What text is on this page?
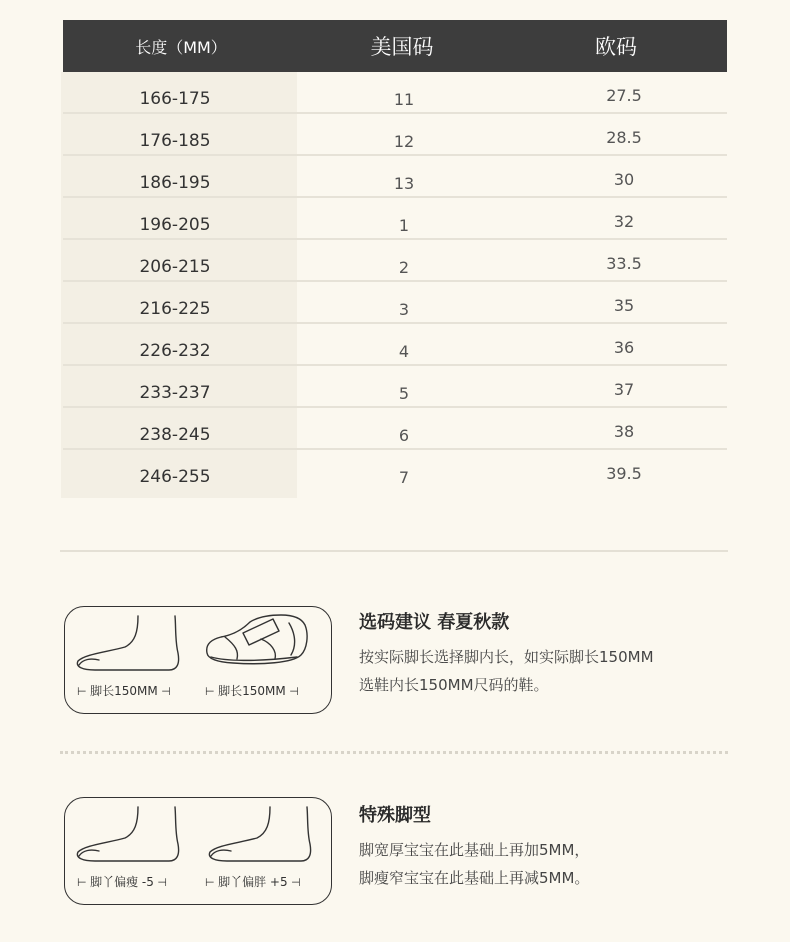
长度（MM）	美国码	欧码
166-175	11	27.5
176-185	12	28.5
186-195	13	30
196-205	1	32
206-215	2	33.5
216-225	3	35
226-232	4	36
233-237	5	37
238-245	6	38
246-255	7	39.5
⊢ 脚长150MM ⊣	⊢ 脚长150MM ⊣
选码建议 春夏秋款
按实际脚长选择脚内长，如实际脚长150MM
选鞋内长150MM尺码的鞋。
⊢ 脚丫偏瘦 -5 ⊣	⊢ 脚丫偏胖 +5 ⊣
特殊脚型
脚宽厚宝宝在此基础上再加5MM，
脚瘦窄宝宝在此基础上再减5MM。
